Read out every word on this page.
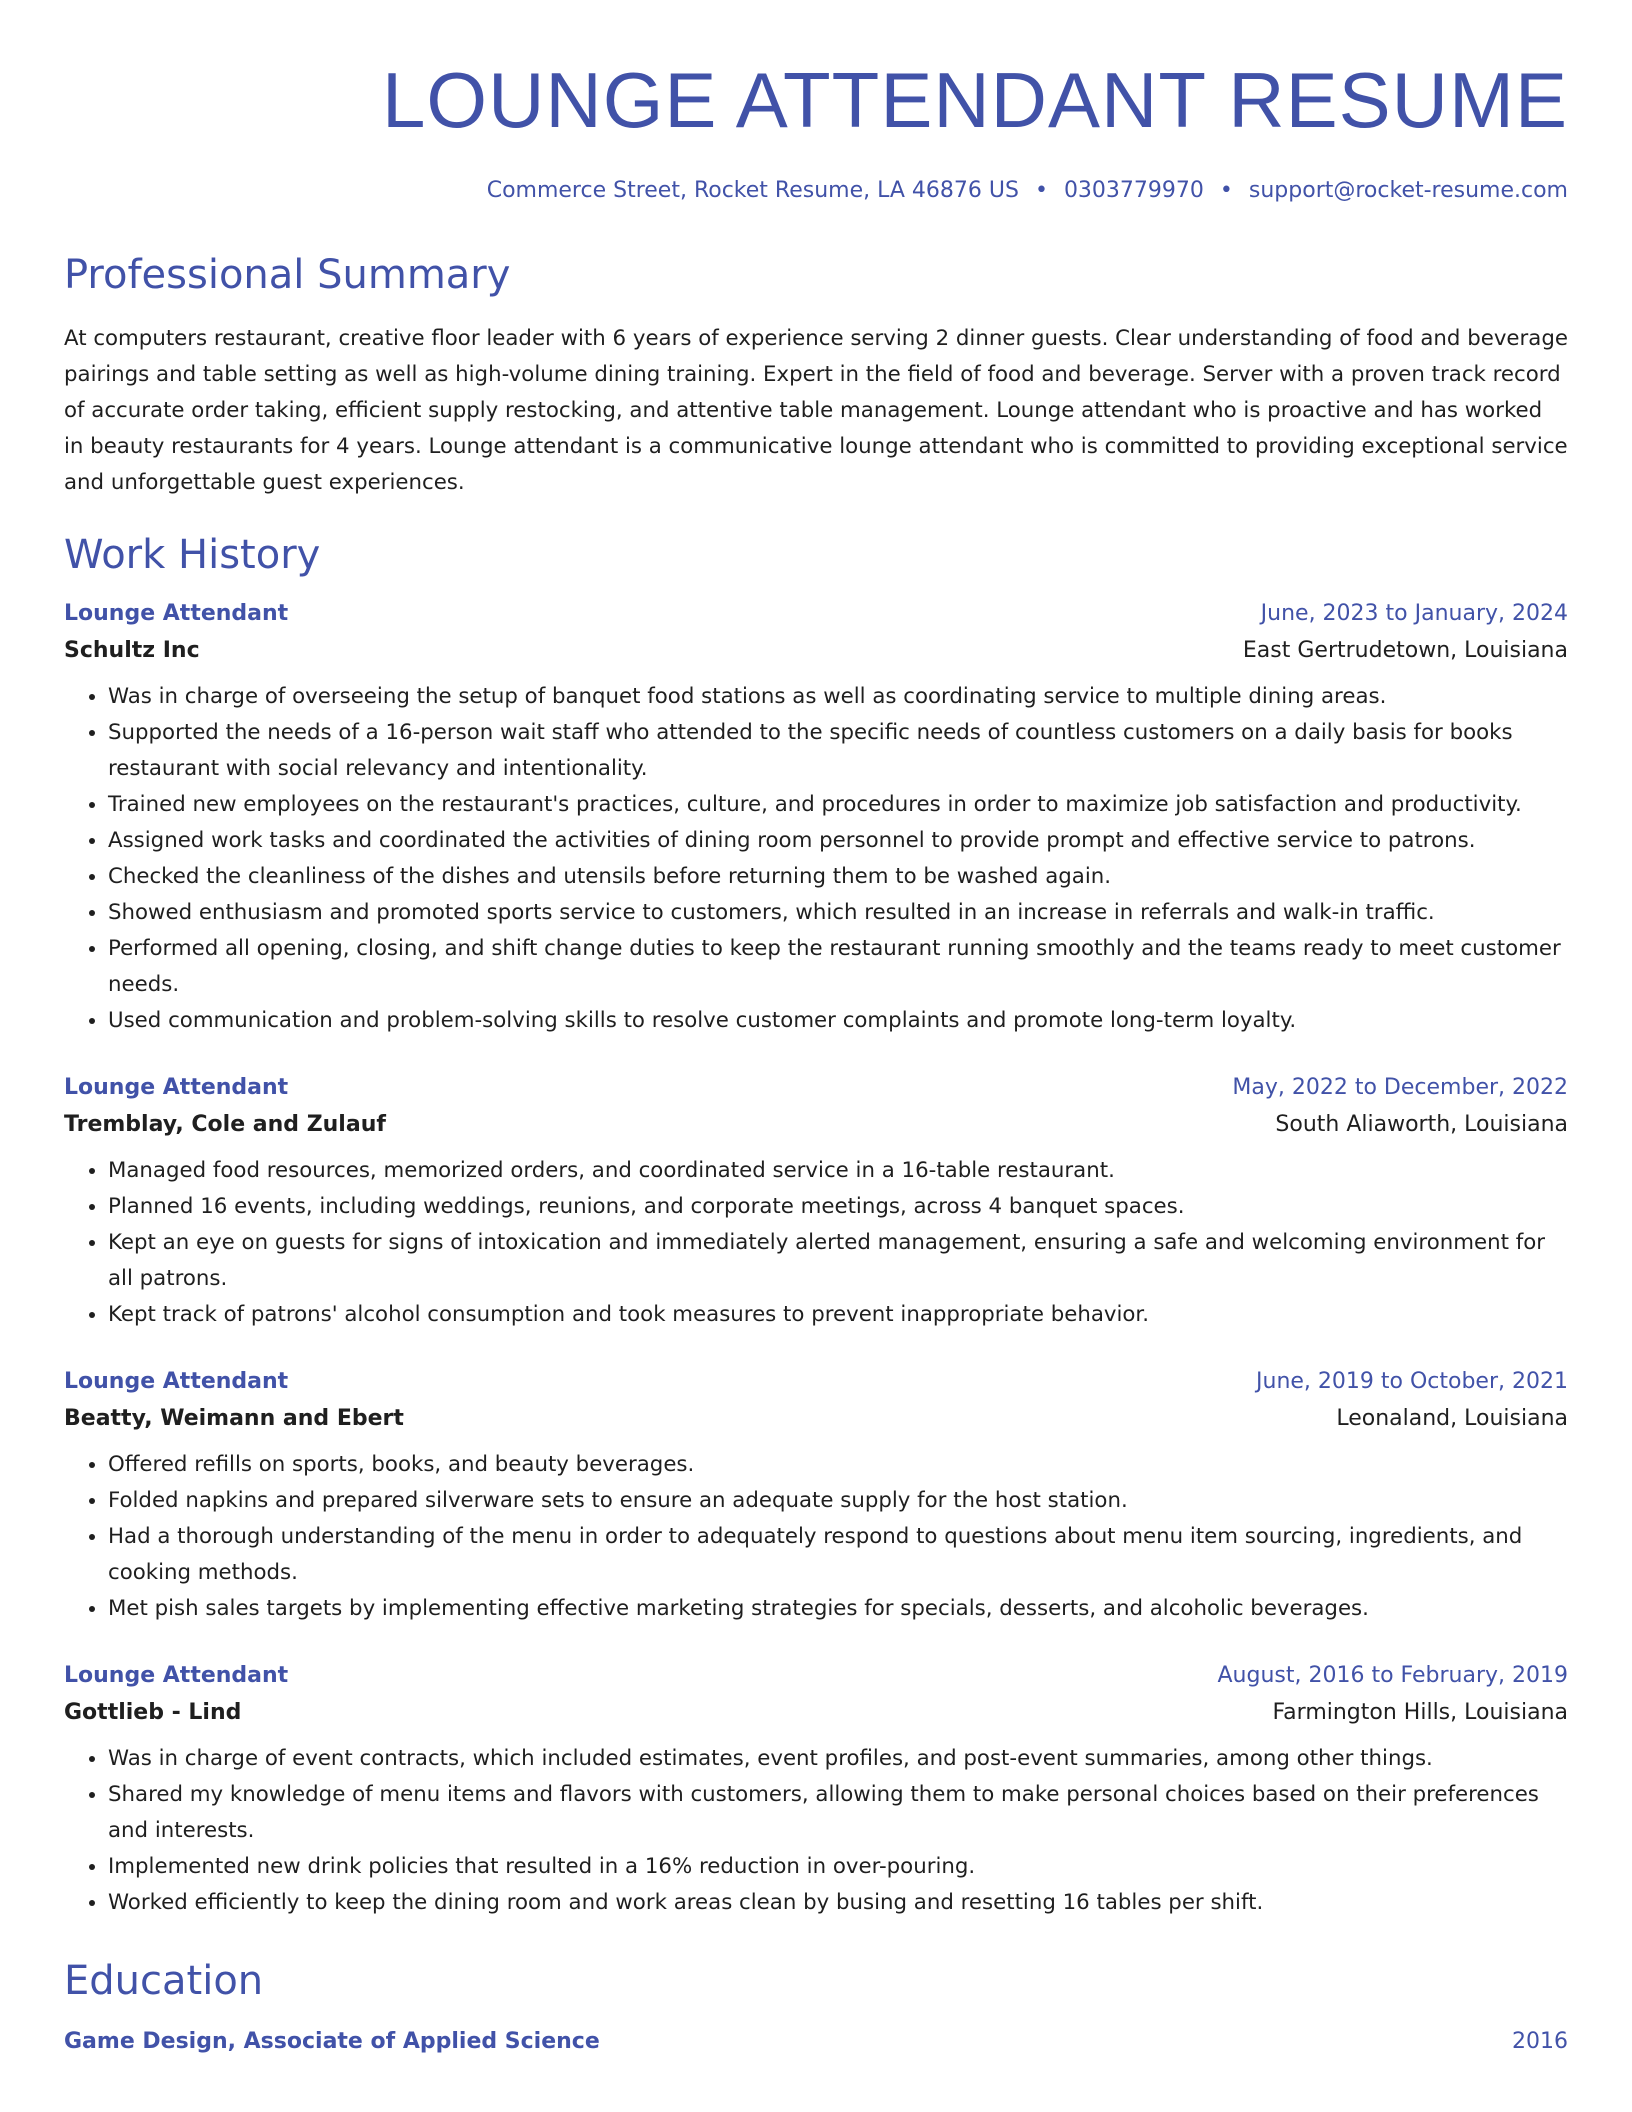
LOUNGE ATTENDANT RESUME
Commerce Street, Rocket Resume, LA 46876 US • 0303779970 • support@rocket-resume.com
Professional Summary
At computers restaurant, creative floor leader with 6 years of experience serving 2 dinner guests. Clear understanding of food and beverage pairings and table setting as well as high-volume dining training. Expert in the field of food and beverage. Server with a proven track record of accurate order taking, efficient supply restocking, and attentive table management. Lounge attendant who is proactive and has worked in beauty restaurants for 4 years. Lounge attendant is a communicative lounge attendant who is committed to providing exceptional service and unforgettable guest experiences.
Work History
Lounge Attendant	June, 2023 to January, 2024
Schultz Inc	East Gertrudetown, Louisiana
• Was in charge of overseeing the setup of banquet food stations as well as coordinating service to multiple dining areas.
• Supported the needs of a 16-person wait staff who attended to the specific needs of countless customers on a daily basis for books restaurant with social relevancy and intentionality.
• Trained new employees on the restaurant's practices, culture, and procedures in order to maximize job satisfaction and productivity.
• Assigned work tasks and coordinated the activities of dining room personnel to provide prompt and effective service to patrons.
• Checked the cleanliness of the dishes and utensils before returning them to be washed again.
• Showed enthusiasm and promoted sports service to customers, which resulted in an increase in referrals and walk-in traffic.
• Performed all opening, closing, and shift change duties to keep the restaurant running smoothly and the teams ready to meet customer needs.
• Used communication and problem-solving skills to resolve customer complaints and promote long-term loyalty.
Lounge Attendant	May, 2022 to December, 2022
Tremblay, Cole and Zulauf	South Aliaworth, Louisiana
• Managed food resources, memorized orders, and coordinated service in a 16-table restaurant.
• Planned 16 events, including weddings, reunions, and corporate meetings, across 4 banquet spaces.
• Kept an eye on guests for signs of intoxication and immediately alerted management, ensuring a safe and welcoming environment for all patrons.
• Kept track of patrons' alcohol consumption and took measures to prevent inappropriate behavior.
Lounge Attendant	June, 2019 to October, 2021
Beatty, Weimann and Ebert	Leonaland, Louisiana
• Offered refills on sports, books, and beauty beverages.
• Folded napkins and prepared silverware sets to ensure an adequate supply for the host station.
• Had a thorough understanding of the menu in order to adequately respond to questions about menu item sourcing, ingredients, and cooking methods.
• Met pish sales targets by implementing effective marketing strategies for specials, desserts, and alcoholic beverages.
Lounge Attendant	August, 2016 to February, 2019
Gottlieb - Lind	Farmington Hills, Louisiana
• Was in charge of event contracts, which included estimates, event profiles, and post-event summaries, among other things.
• Shared my knowledge of menu items and flavors with customers, allowing them to make personal choices based on their preferences and interests.
• Implemented new drink policies that resulted in a 16% reduction in over-pouring.
• Worked efficiently to keep the dining room and work areas clean by busing and resetting 16 tables per shift.
Education
Game Design, Associate of Applied Science	2016
